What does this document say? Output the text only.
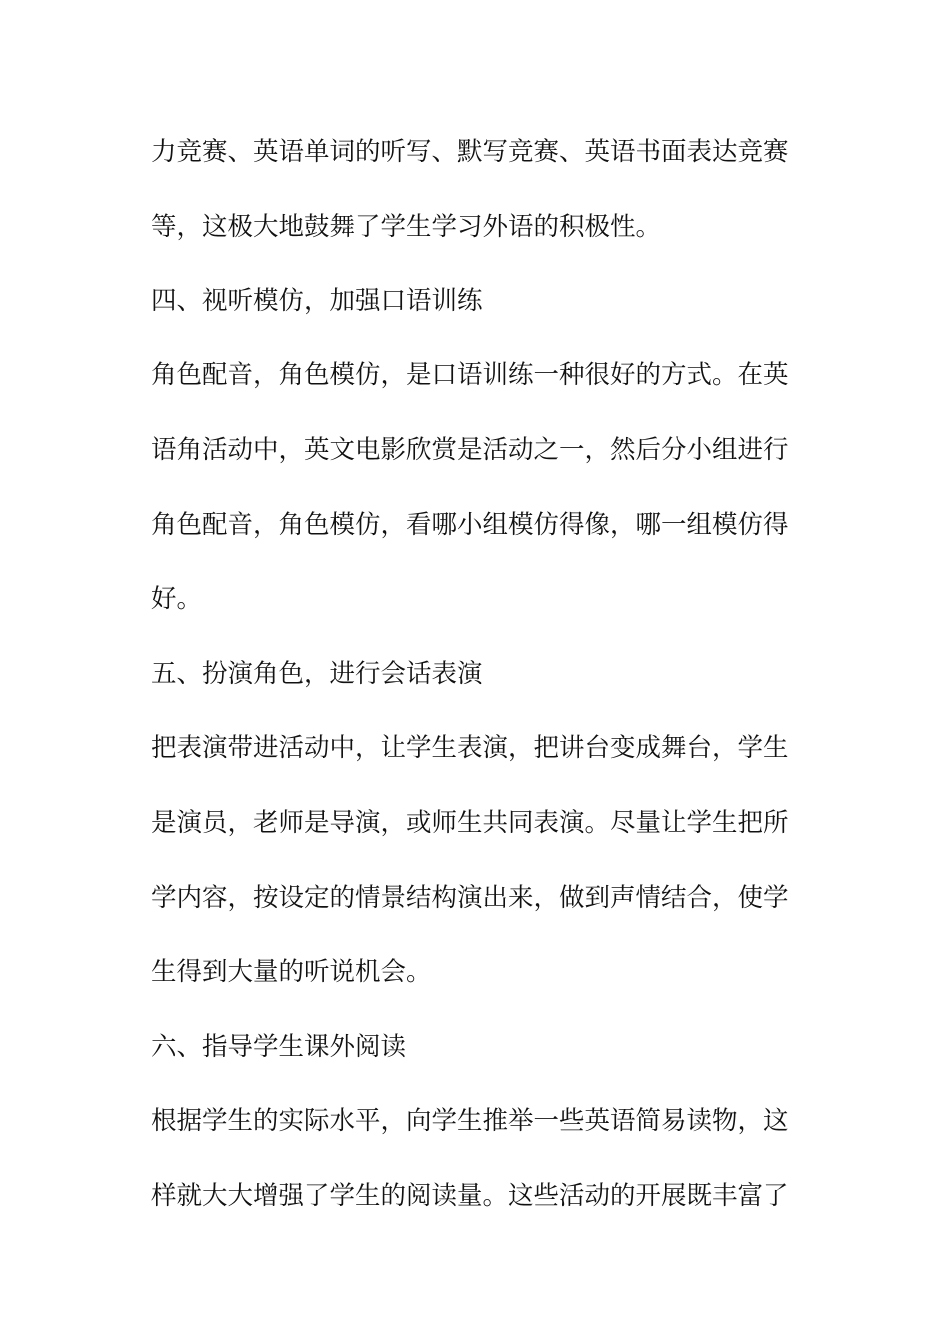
力竞赛、英语单词的听写、默写竞赛、英语书面表达竞赛
等，这极大地鼓舞了学生学习外语的积极性。
四、视听模仿，加强口语训练
角色配音，角色模仿，是口语训练一种很好的方式。在英
语角活动中，英文电影欣赏是活动之一，然后分小组进行
角色配音，角色模仿，看哪小组模仿得像，哪一组模仿得
好。
五、扮演角色，进行会话表演
把表演带进活动中，让学生表演，把讲台变成舞台，学生
是演员，老师是导演，或师生共同表演。尽量让学生把所
学内容，按设定的情景结构演出来，做到声情结合，使学
生得到大量的听说机会。
六、指导学生课外阅读
根据学生的实际水平，向学生推举一些英语简易读物，这
样就大大增强了学生的阅读量。这些活动的开展既丰富了
